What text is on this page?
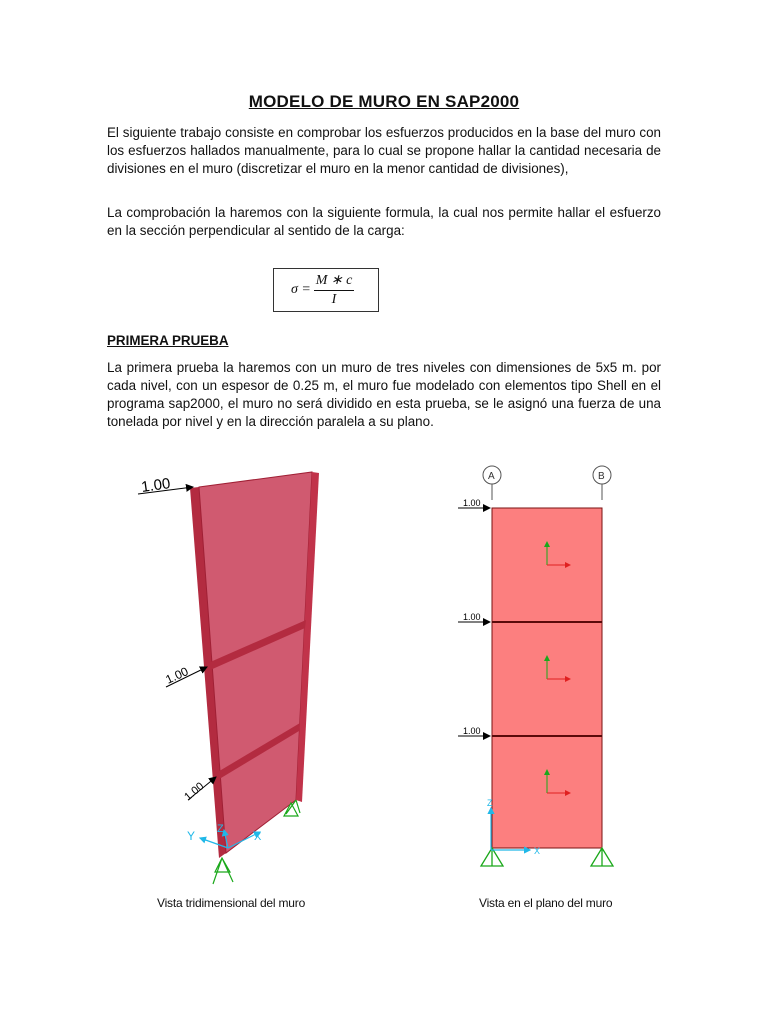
MODELO DE MURO EN SAP2000

El siguiente trabajo consiste en comprobar los esfuerzos producidos en la base del muro con los esfuerzos hallados manualmente, para lo cual se propone hallar la cantidad necesaria de divisiones en el muro (discretizar el muro en la menor cantidad de divisiones),

La comprobación la haremos con la siguiente formula, la cual nos permite hallar el esfuerzo en la sección perpendicular al sentido de la carga:

$\sigma = \frac{M ∗ c}{I}$
PRIMERA PRUEBA

La primera prueba la haremos con un muro de tres niveles con dimensiones de 5x5 m. por cada nivel, con un espesor de 0.25 m, el muro fue modelado con elementos tipo Shell en el programa sap2000, el muro no será dividido en esta prueba, se le asignó una fuerza de una tonelada por nivel y en la dirección paralela a su plano.

1.00
1.00
1.00
Y Z
X
A	B
1.00
1.00
1.00
Z
X
Vista tridimensional del muro	Vista en el plano del muro
